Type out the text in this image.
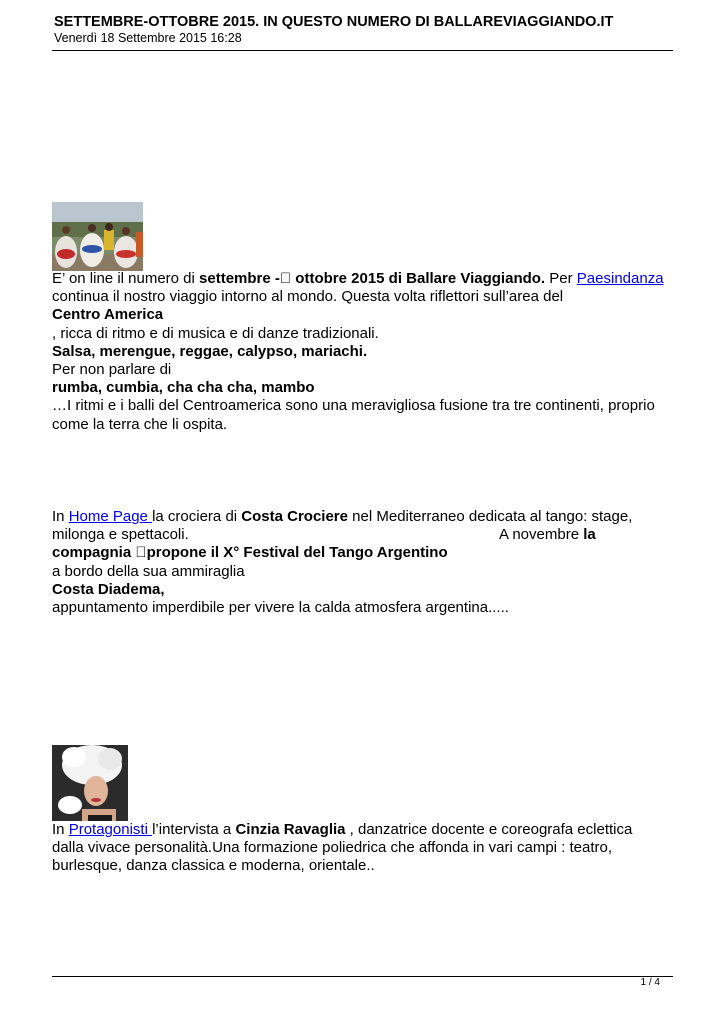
SETTEMBRE-OTTOBRE 2015. IN QUESTO NUMERO DI BALLAREVIAGGIANDO.IT
Venerdì 18 Settembre 2015 16:28
E’ on line il numero di settembre -  ottobre 2015 di Ballare Viaggiando. Per Paesindanza
continua il nostro viaggio intorno al mondo. Questa volta riflettori sull’area del
Centro America
, ricca di ritmo e di musica e di danze tradizionali.
Salsa, merengue, reggae, calypso, mariachi.
Per non parlare di
rumba, cumbia, cha cha cha, mambo
…I ritmi e i balli del Centroamerica sono una meravigliosa fusione tra tre continenti, proprio
come la terra che li ospita.
In Home Page la crociera di Costa Crociere nel Mediterraneo dedicata al tango: stage,
milonga e spettacoli.	A novembre la
compagnia  propone il X° Festival del Tango Argentino
a bordo della sua ammiraglia
Costa Diadema,
appuntamento imperdibile per vivere la calda atmosfera argentina.....
In Protagonisti l’intervista a Cinzia Ravaglia , danzatrice docente e coreografa eclettica
dalla vivace personalità.Una formazione poliedrica che affonda in vari campi : teatro,
burlesque, danza classica e moderna, orientale..
1 / 4
